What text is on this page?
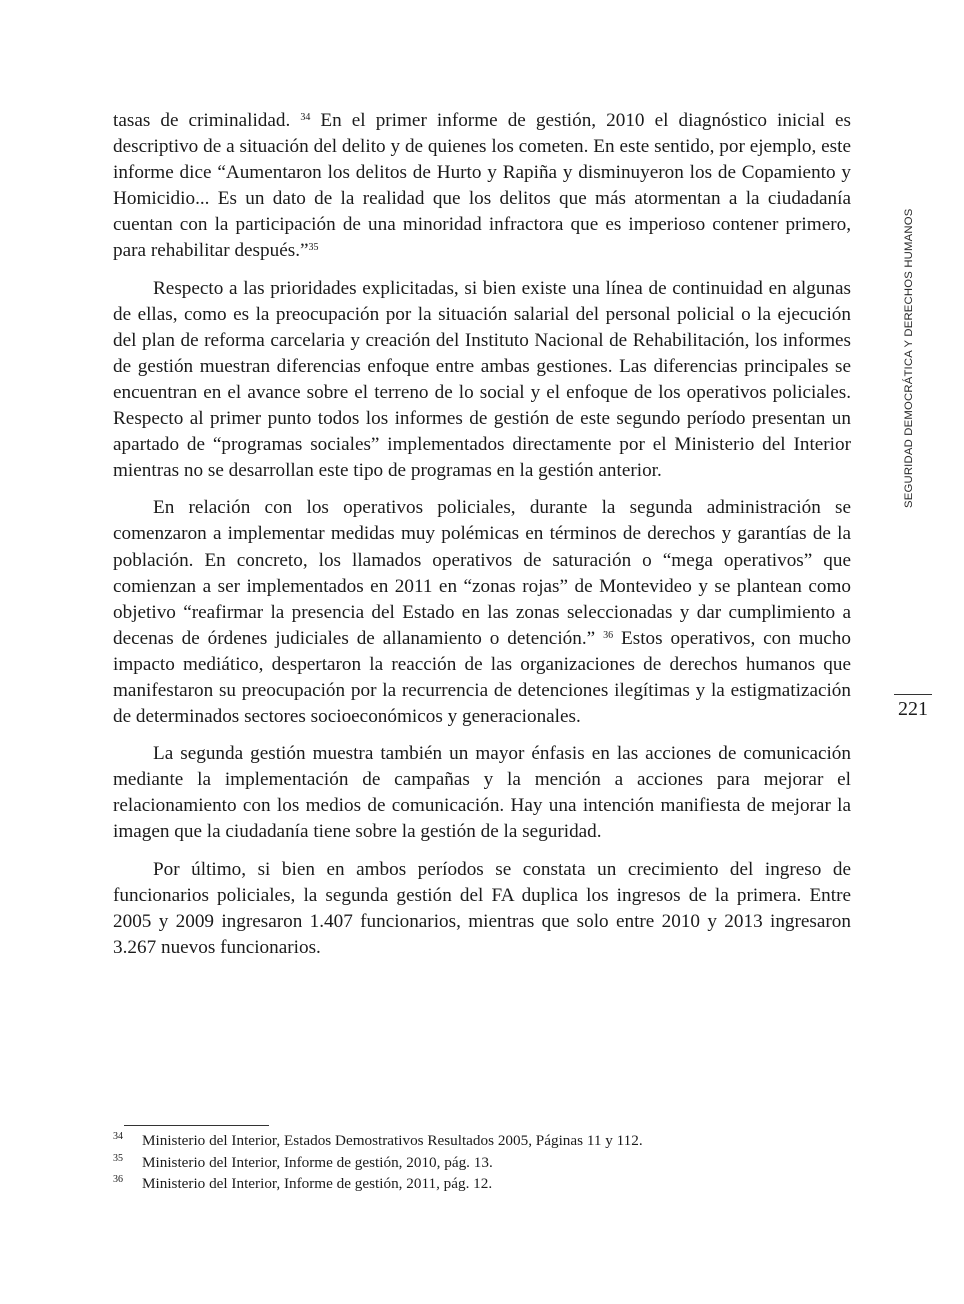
tasas de criminalidad. $^{34}$ En el primer informe de gestión, 2010 el diagnóstico inicial es descriptivo de a situación del delito y de quienes los cometen. En este sentido, por ejemplo, este informe dice “Aumentaron los delitos de Hurto y Rapiña y disminuyeron los de Copamiento y Homicidio... Es un dato de la realidad que los delitos que más atormentan a la ciudadanía cuentan con la participación de una minoridad infractora que es imperioso contener primero, para rehabilitar después.”$^{35}$

Respecto a las prioridades explicitadas, si bien existe una línea de continuidad en algunas de ellas, como es la preocupación por la situación salarial del personal policial o la ejecución del plan de reforma carcelaria y creación del Instituto Nacional de Rehabilitación, los informes de gestión muestran diferencias enfoque entre ambas gestiones. Las diferencias principales se encuentran en el avance sobre el terreno de lo social y el enfoque de los operativos policiales. Respecto al primer punto todos los informes de gestión de este segundo período presentan un apartado de “programas sociales” implementados directamente por el Ministerio del Interior mientras no se desarrollan este tipo de programas en la gestión anterior.

En relación con los operativos policiales, durante la segunda administración se comenzaron a implementar medidas muy polémicas en términos de derechos y garantías de la población. En concreto, los llamados operativos de saturación o “mega operativos” que comienzan a ser implementados en 2011 en “zonas rojas” de Montevideo y se plantean como objetivo “reafirmar la presencia del Estado en las zonas seleccionadas y dar cumplimiento a decenas de órdenes judiciales de allanamiento o detención.” $^{36}$ Estos operativos, con mucho impacto mediático, despertaron la reacción de las organizaciones de derechos humanos que manifestaron su preocupación por la recurrencia de detenciones ilegítimas y la estigmatización de determinados sectores socioeconómicos y generacionales.

La segunda gestión muestra también un mayor énfasis en las acciones de comunicación mediante la implementación de campañas y la mención a acciones para mejorar el relacionamiento con los medios de comunicación. Hay una intención manifiesta de mejorar la imagen que la ciudadanía tiene sobre la gestión de la seguridad.

Por último, si bien en ambos períodos se constata un crecimiento del ingreso de funcionarios policiales, la segunda gestión del FA duplica los ingresos de la primera. Entre 2005 y 2009 ingresaron 1.407 funcionarios, mientras que solo entre 2010 y 2013 ingresaron 3.267 nuevos funcionarios.

SEGURIDAD DEMOCRÁTICA Y DERECHOS HUMANOS
221
34	Ministerio del Interior, Estados Demostrativos Resultados 2005, Páginas 11 y 112.
35	Ministerio del Interior, Informe de gestión, 2010, pág. 13.
36	Ministerio del Interior, Informe de gestión, 2011, pág. 12.
